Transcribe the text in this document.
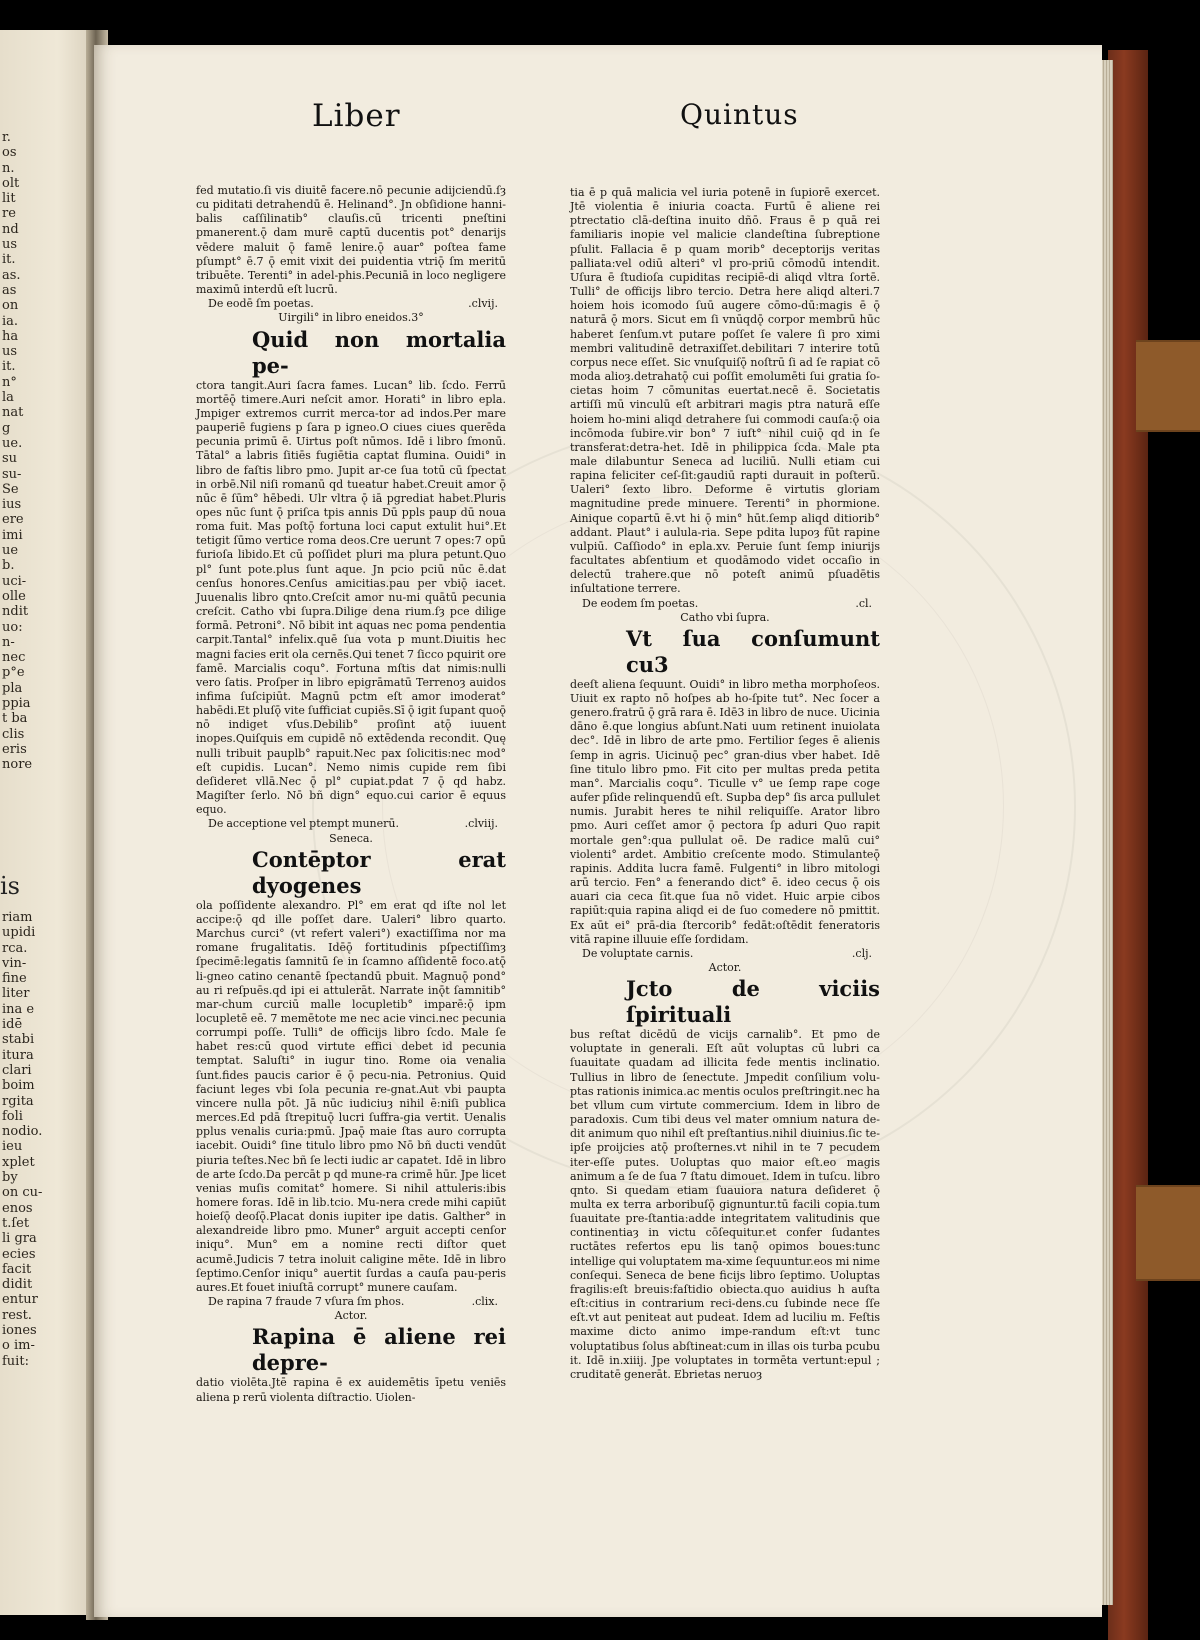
r.
os
n.
olt
lit
re
nd
us
it.
as.
as
on
ia.
ha
us
it.
n°
la
nat
g
ue.
su
su-
Se
ius
ere
imi
ue
b.
uci-
olle
ndit
uo:
n-
nec
p°e
pla
ppia
t ba
clis
eris
nore
is
riam
upidi
rca.
vin-
fine
liter
ina e
idē
stabi
itura
clari
boim
rgita
foli
nodio.
ieu
xplet
by
on cu-
enos
t.ſet
li gra
ecies
facit
didit
entur
rest.
iones
o im-
fuit:
Liber	Quintus

fed mutatio.ſi vis diuitē facere.nō pecunie adijciendū.ſȝ cu piditati detrahendū ē. Helinand°. Jn obſidione hanni-balis caſſilinatib° clauſis.cū tricenti pneſtini pmanerent.ǭ dam murē captū ducentis pot° denarijs vēdere maluit ǭ famē lenire.ǭ auar° poſtea fame pſumpt° ē.7 ǭ emit vixit dei puidentia vtriǭ ſm meritū tribuēte. Terenti° in adel-phis.Pecuniā in loco negligere maximū interdū eſt lucrū.

De eodē ſm poetas.	.clvij.
Uirgili° in libro eneidos.3°
Quid non mortalia pe-

ctora tangit.Auri ſacra fames. Lucan° lib. ſcdo. Ferrū mortēǭ timere.Auri neſcit amor. Horati° in libro epla. Jmpiger extremos currit merca-tor ad indos.Per mare pauperiē fugiens p ſara p igneo.O ciues ciues querēda pecunia primū ē. Uirtus poſt nūmos. Idē i libro ſmonū. Tātal° a labris ſitiēs fugiētia captat flumina. Ouidi° in libro de faſtis libro pmo. Jupit ar-ce ſua totū cū ſpectat in orbē.Nil niſi romanū qd tueatur habet.Creuit amor ǭ nūc ē ſūm° hēbedi. Ulr vltra ǭ iā pgrediat habet.Pluris opes nūc ſunt ǭ priſca tpis annis Dū ppls paup dū noua roma fuit. Mas poſtǭ fortuna loci caput extulit hui°.Et tetigit ſūmo vertice roma deos.Cre uerunt 7 opes:7 opū furioſa libido.Et cū poſſidet pluri ma plura petunt.Quo pl° ſunt pote.plus ſunt aque. Jn pcio pciū nūc ē.dat cenſus honores.Cenſus amicitias.pau per vbiǭ iacet. Juuenalis libro qnto.Creſcit amor nu-mi quātū pecunia creſcit. Catho vbi ſupra.Dilige dena rium.ſȝ pce dilige formā. Petroni°. Nō bibit int aquas nec poma pendentia carpit.Tantal° infelix.quē ſua vota p munt.Diuitis hec magni facies erit ola cernēs.Qui tenet 7 ſicco pquirit ore famē. Marcialis coqu°. Fortuna mſtis dat nimis:nulli vero ſatis. Proſper in libro epigrāmatū Terrenoȝ auidos infima ſuſcipiūt. Magnū pctm eſt amor imoderat° habēdi.Et pluſǭ vite ſufficiat cupiēs.Sī ǭ igit ſupant quoǭ nō indiget vſus.Debilib° proſint atǭ iuuent inopes.Quiſquis em cupidē nō extēdenda recondit. Quę nulli tribuit pauplb° rapuit.Nec pax ſolicitis:nec mod° eſt cupidis. Lucan°. Nemo nimis cupide rem ſibi deſideret vllā.Nec ǭ pl° cupiat.pdat 7 ǭ qd habz. Magiſter ſerlo. Nō bñ dign° equo.cui carior ē equus equo.

De acceptione vel ptempt munerū.	.clviij.
Seneca.
Contēptor erat dyogenes

ola poſſidente alexandro. Pl° em erat qd iſte nol let accipe:ǭ qd ille poſſet dare. Ualeri° libro quarto. Marchus curci° (vt refert valeri°) exactiſſima nor ma romane frugalitatis. Idēǭ fortitudinis pſpectiſſimȝ ſpecimē:legatis ſamnitū ſe in ſcamno aſſidentē foco.atǭ li-gneo catino cenantē ſpectandū pbuit. Magnuǭ pond° au ri reſpuēs.qd ipi ei attulerāt. Narrate inǭt ſamnitib° mar-chum curciū malle locupletib° imparē:ǭ ipm locupletē eē. 7 memētote me nec acie vinci.nec pecunia corrumpi poſſe. Tulli° de officijs libro ſcdo. Male ſe habet res:cū quod virtute effici debet id pecunia temptat. Saluſti° in iugur tino. Rome oia venalia ſunt.fides paucis carior ē ǭ pecu-nia. Petronius. Quid faciunt leges vbi ſola pecunia re-gnat.Aut vbi paupta vincere nulla pōt. Jā nūc iudiciuȝ nihil ē:niſi publica merces.Ed pdā ſtrepituǭ lucri ſuffra-gia vertit. Uenalis pplus venalis curia:pmū. Jpaǭ maie ſtas auro corrupta iacebit. Ouidi° ſine titulo libro pmo Nō bñ ducti vendūt piuria teſtes.Nec bñ ſe lecti iudic ar capatet. Idē in libro de arte ſcdo.Da percāt p qd mune-ra crimē hūr. Jpe licet venias muſis comitat° homere. Si nihil attuleris:ibis homere foras. Idē in lib.tcio. Mu-nera crede mihi capiūt hoieſǭ deoſǭ.Placat donis iupiter ipe datis. Galther° in alexandreide libro pmo. Muner° arguit accepti cenſor iniqu°. Mun° em a nomine recti diſtor quet acumē.Judicis 7 tetra inoluit caligine mēte. Idē in libro ſeptimo.Cenſor iniqu° auertit ſurdas a cauſa pau-peris aures.Et fouet iniuſtā corrupt° munere cauſam.

De rapina 7 fraude 7 vſura ſm phos.	.clix.
Actor.
Rapina ē aliene rei depre-

datio violēta.Jtē rapina ē ex auidemētis īpetu veniēs aliena p rerū violenta diſtractio. Uiolen-

tia ē p quā malicia vel iuria potenē in ſupiorē exercet. Jtē violentia ē iniuria coacta. Furtū ē aliene rei ptrectatio clā-deſtina inuito dñō. Fraus ē p quā rei familiaris inopie vel malicie clandeſtina ſubreptione pſulit. Fallacia ē p quam morib° deceptorijs veritas palliata:vel odiū alteri° vl pro-priū cōmodū intendit. Uſura ē ſtudioſa cupiditas recipiē-di aliqd vltra ſortē. Tulli° de officijs libro tercio. Detra here aliqd alteri.7 hoiem hois icomodo ſuū augere cōmo-dū:magis ē ǭ naturā ǭ mors. Sicut em ſi vnūqdǭ corpor membrū hūc haberet ſenſum.vt putare poſſet ſe valere ſi pro ximi membri valitudinē detraxiſſet.debilitari 7 interire totū corpus nece eſſet. Sic vnuſquiſǭ noſtrū ſi ad ſe rapiat cō moda alioȝ.detrahatǭ cui poſſit emolumēti ſui gratia ſo-cietas hoim 7 cōmunitas euertat.necē ē. Societatis artiſſi mū vinculū eſt arbitrari magis ptra naturā eſſe hoiem ho-mini aliqd detrahere ſui commodi cauſa:ǭ oia incōmoda ſubire.vir bon° 7 iuſt° nihil cuiǭ qd in ſe transferat:detra-het. Idē in philippica ſcda. Male pta male dilabuntur Seneca ad luciliū. Nulli etiam cui rapina feliciter ceſ-ſit:gaudiū rapti durauit in poſterū. Ualeri° ſexto libro. Deforme ē virtutis gloriam magnitudine prede minuere. Terenti° in phormione. Ainique copartū ē.vt hi ǭ min° hūt.ſemp aliqd ditiorib° addant. Plaut° i aulula-ria. Sepe pdita lupoȝ fūt rapine vulpiū. Caſſiodo° in epla.xv. Peruie ſunt ſemp iniurijs facultates abſentium et quodāmodo videt occaſio in delectū trahere.que nō poteſt animū pſuadētis inſultatione terrere.

De eodem ſm poetas.	.cl.
Catho vbi ſupra.
Vt ſua conſumunt cu3

deeſt aliena ſequunt. Ouidi° in libro metha morphoſeos. Uiuit ex rapto nō hoſpes ab ho-ſpite tut°. Nec ſocer a genero.fratrū ǭ grā rara ē. Idē3 in libro de nuce. Uicinia dāno ē.que longius abſunt.Nati uum retinent inuiolata dec°. Idē in libro de arte pmo. Fertilior ſeges ē alienis ſemp in agris. Uicinuǭ pec° gran-dius vber habet. Idē ſine titulo libro pmo. Fit cito per multas preda petita man°. Marcialis coqu°. Ticulle v° ue ſemp rape coge aufer pſide relinquendū eſt. Supba dep° ſis arca pullulet numis. Jurabit heres te nihil reliquiſſe. Arator libro pmo. Auri ceſſet amor ǭ pectora ſp aduri Quo rapit mortale gen°:qua pullulat oē. De radice malū cui° violenti° ardet. Ambitio creſcente modo. Stimulanteǭ rapinis. Addita lucra famē. Fulgenti° in libro mitologi arū tercio. Fen° a fenerando dict° ē. ideo cecus ǭ ois auari cia ceca ſit.que ſua nō videt. Huic arpie cibos rapiūt:quia rapina aliqd ei de ſuo comedere nō pmittit. Ex aūt ei° prā-dia ſtercorib° fedāt:oſtēdit feneratoris vitā rapine illuuie eſſe ſordidam.

De voluptate carnis.	.clj.
Actor.
Jcto de viciis ſpirituali

bus reſtat dicēdū de vicijs carnalib°. Et pmo de voluptate in generali. Eſt aūt voluptas cū lubri ca ſuauitate quadam ad illicita fede mentis inclinatio. Tullius in libro de ſenectute. Jmpedit conſilium volu-ptas rationis inimica.ac mentis oculos preſtringit.nec ha bet vllum cum virtute commercium. Idem in libro de paradoxis. Cum tibi deus vel mater omnium natura de-dit animum quo nihil eſt preſtantius.nihil diuinius.ſic te-ipſe proijcies atǭ proſternes.vt nihil in te 7 pecudem iter-eſſe putes. Uoluptas quo maior eſt.eo magis animum a ſe de ſua 7 ſtatu dimouet. Idem in tuſcu. libro qnto. Si quedam etiam ſuauiora natura deſideret ǭ multa ex terra arboribuſǭ gignuntur.tū facili copia.tum ſuauitate pre-ſtantia:adde integritatem valitudinis que continentiaȝ in victu cōſequitur.et confer ſudantes ructātes refertos epu lis tanǭ opimos boues:tunc intellige qui voluptatem ma-xime ſequuntur.eos mi nime conſequi. Seneca de bene ficijs libro ſeptimo. Uoluptas fragilis:eſt breuis:faſtidio obiecta.quo auidius h auſta eſt:citius in contrarium reci-dens.cu ſubinde nece ſſe eſt.vt aut peniteat aut pudeat. Idem ad luciliu m. Feſtis maxime dicto animo impe-randum eſt:vt tunc voluptatibus ſolus abſtineat:cum in illas ois turba pcubu it. Idē in.xiiij. Jpe voluptates in tormēta vertunt:epul ; cruditatē generāt. Ebrietas neruoȝ
